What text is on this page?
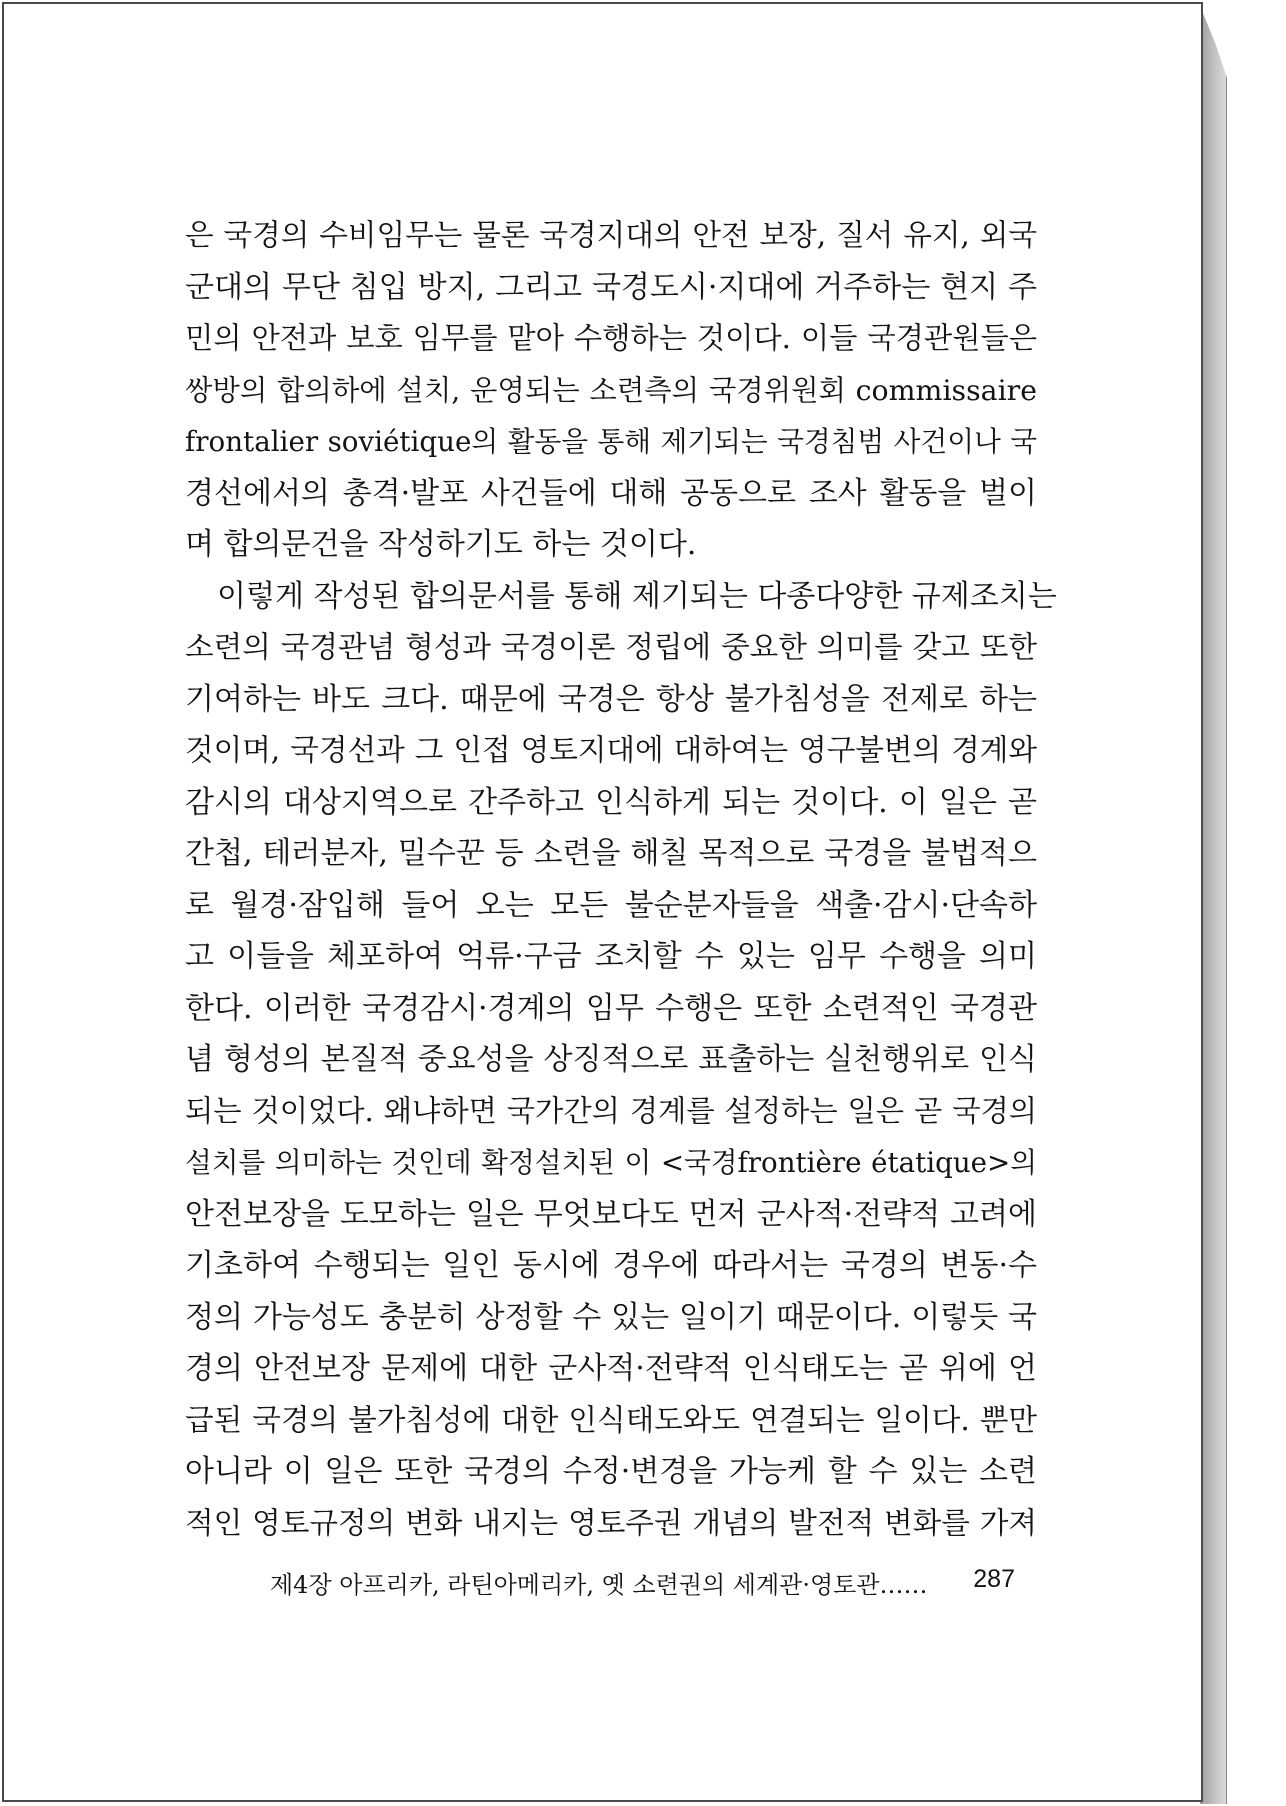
은 국경의 수비임무는 물론 국경지대의 안전 보장, 질서 유지, 외국
군대의 무단 침입 방지, 그리고 국경도시·지대에 거주하는 현지 주
민의 안전과 보호 임무를 맡아 수행하는 것이다. 이들 국경관원들은
쌍방의 합의하에 설치, 운영되는 소련측의 국경위원회 commissaire
frontalier soviétique의 활동을 통해 제기되는 국경침범 사건이나 국
경선에서의 총격·발포 사건들에 대해 공동으로 조사 활동을 벌이
며 합의문건을 작성하기도 하는 것이다.
이렇게 작성된 합의문서를 통해 제기되는 다종다양한 규제조치는
소련의 국경관념 형성과 국경이론 정립에 중요한 의미를 갖고 또한
기여하는 바도 크다. 때문에 국경은 항상 불가침성을 전제로 하는
것이며, 국경선과 그 인접 영토지대에 대하여는 영구불변의 경계와
감시의 대상지역으로 간주하고 인식하게 되는 것이다. 이 일은 곧
간첩, 테러분자, 밀수꾼 등 소련을 해칠 목적으로 국경을 불법적으
로 월경·잠입해 들어 오는 모든 불순분자들을 색출·감시·단속하
고 이들을 체포하여 억류·구금 조치할 수 있는 임무 수행을 의미
한다. 이러한 국경감시·경계의 임무 수행은 또한 소련적인 국경관
념 형성의 본질적 중요성을 상징적으로 표출하는 실천행위로 인식
되는 것이었다. 왜냐하면 국가간의 경계를 설정하는 일은 곧 국경의
설치를 의미하는 것인데 확정설치된 이 <국경frontière étatique>의
안전보장을 도모하는 일은 무엇보다도 먼저 군사적·전략적 고려에
기초하여 수행되는 일인 동시에 경우에 따라서는 국경의 변동·수
정의 가능성도 충분히 상정할 수 있는 일이기 때문이다. 이렇듯 국
경의 안전보장 문제에 대한 군사적·전략적 인식태도는 곧 위에 언
급된 국경의 불가침성에 대한 인식태도와도 연결되는 일이다. 뿐만
아니라 이 일은 또한 국경의 수정·변경을 가능케 할 수 있는 소련
적인 영토규정의 변화 내지는 영토주권 개념의 발전적 변화를 가져
제4장 아프리카, 라틴아메리카, 옛 소련권의 세계관·영토관…… 287
